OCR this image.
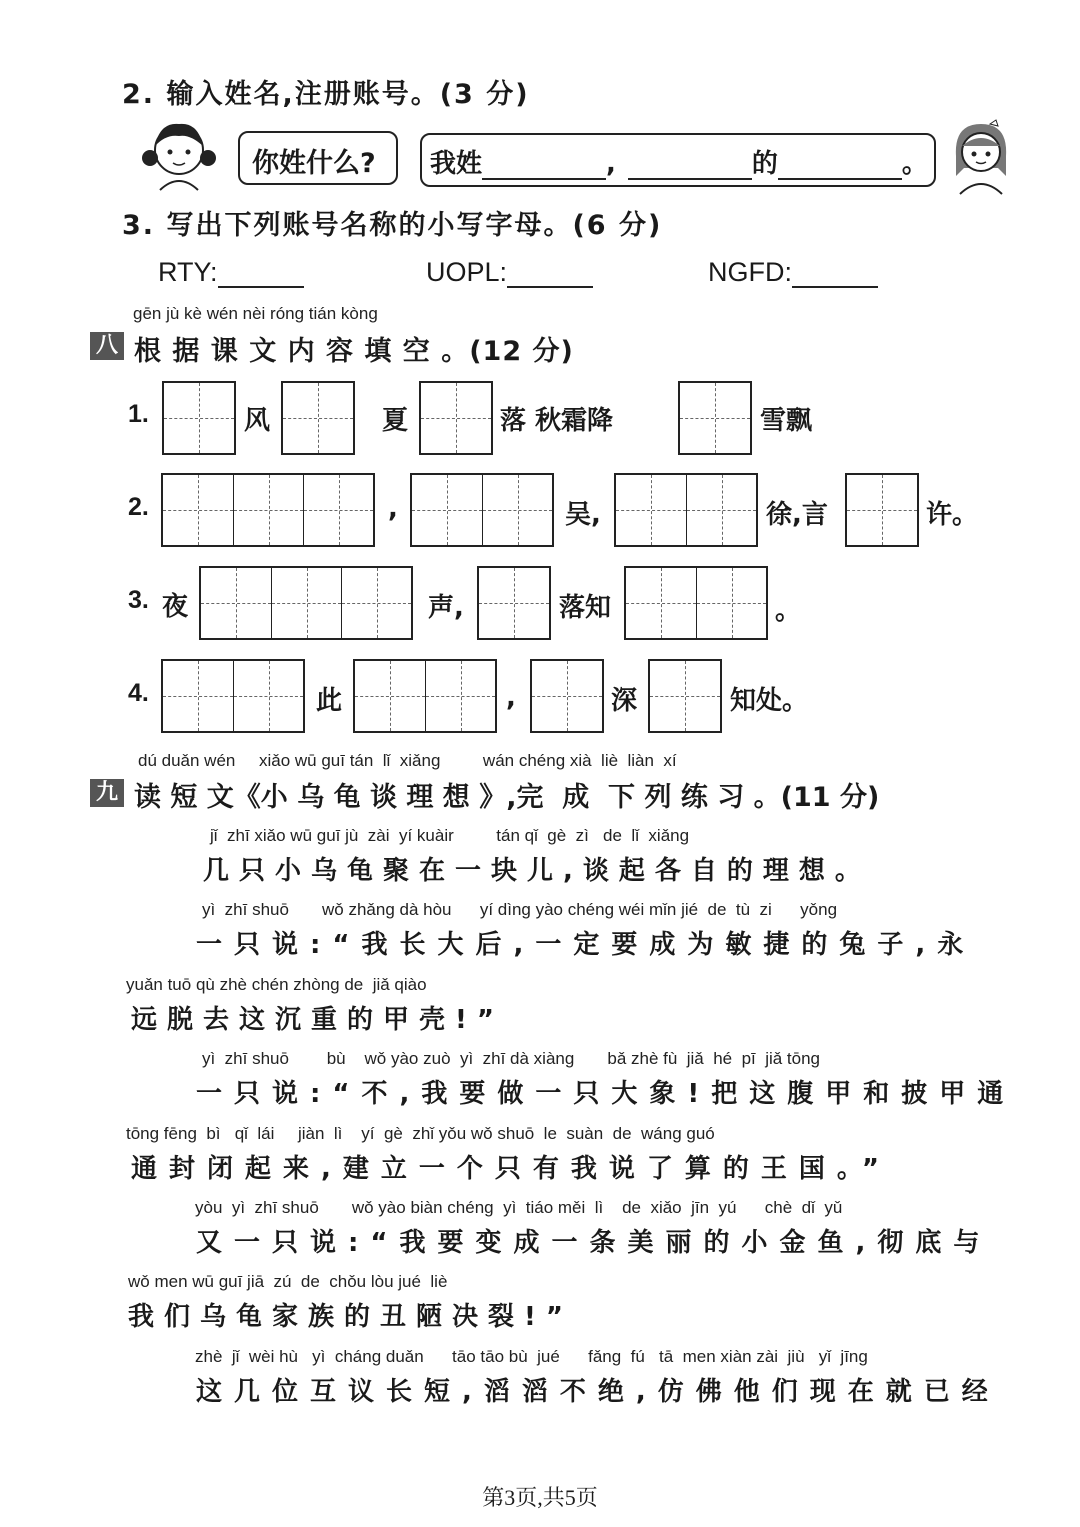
2. 输入姓名,注册账号。(3 分)
你姓什么? 我姓	,	的	。
3. 写出下列账号名称的小写字母。(6 分)
RTY:	UOPL:	NGFD:
gēn jù kè wén nèi róng tián kòng
八 根 据 课 文 内 容 填 空 。(12 分)
1.	风	夏	落 秋霜降	雪飘
2.	,	吴,	徐,言	许。
3. 夜	声,	落知	。
4.	此	,	深	知处。
dú duǎn wén     xiǎo wū guī tán  lǐ  xiǎng         wán chéng xià  liè  liàn  xí
九 读 短 文《小 乌 龟 谈 理 想 》,完  成  下 列 练 习 。(11 分)
jǐ  zhī xiǎo wū guī jù  zài  yí kuàir         tán qǐ  gè  zì   de  lǐ  xiǎng
几只小乌龟聚在一块儿,谈起各自的理想。
yì  zhī shuō       wǒ zhǎng dà hòu      yí dìng yào chéng wéi mǐn jié  de  tù  zi      yǒng
一只说:“我长大后,一定要成为敏捷的兔子,永
yuǎn tuō qù zhè chén zhòng de  jiǎ qiào
远脱去这沉重的甲壳!”
yì  zhī shuō        bù    wǒ yào zuò  yì  zhī dà xiàng       bǎ zhè fù  jiǎ  hé  pī  jiǎ tōng
一只说:“不,我要做一只大象!把这腹甲和披甲通
tōng fēng  bì   qǐ  lái     jiàn  lì    yí  gè  zhǐ yǒu wǒ shuō  le  suàn  de  wáng guó
通封闭起来,建立一个只有我说了算的王国。”
yòu  yì  zhī shuō       wǒ yào biàn chéng  yì  tiáo měi  lì    de  xiǎo  jīn  yú      chè  dǐ  yǔ
又一只说:“我要变成一条美丽的小金鱼,彻底与
wǒ men wū guī jiā  zú  de  chǒu lòu jué  liè
我们乌龟家族的丑陋决裂!”
zhè  jǐ  wèi hù   yì  cháng duǎn      tāo tāo bù  jué      fǎng  fú   tā  men xiàn zài  jiù   yǐ  jīng
这几位互议长短,滔滔不绝,仿佛他们现在就已经
第3页,共5页
